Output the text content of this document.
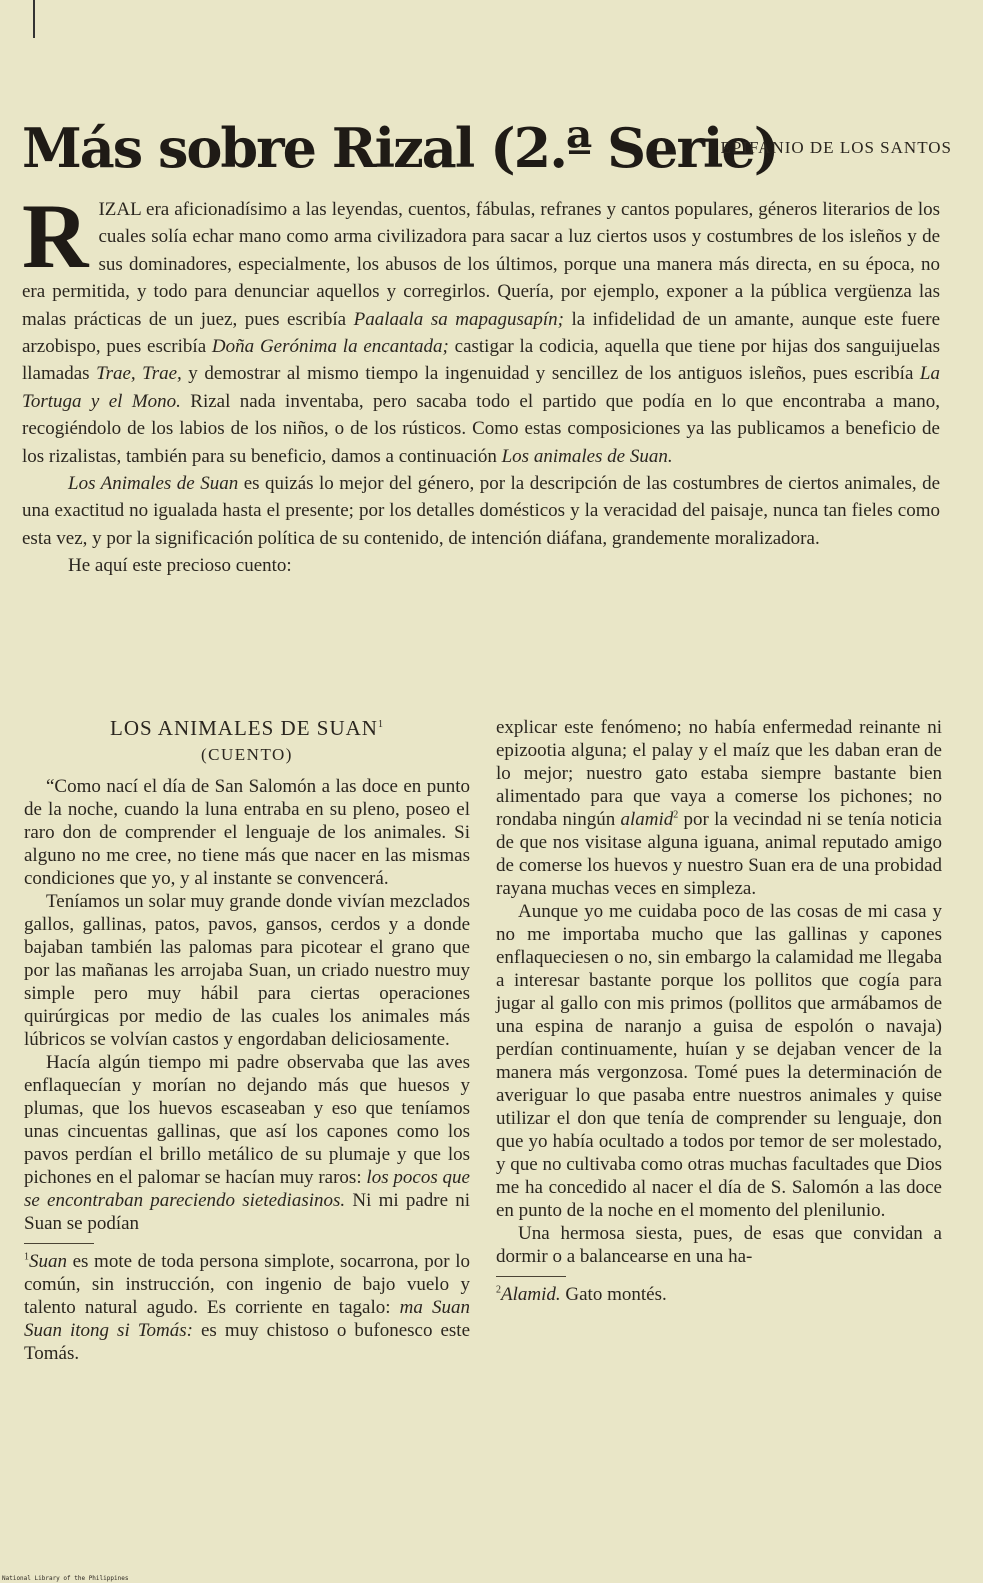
Más sobre Rizal (2.ª Serie)
EPIFANIO DE LOS SANTOS

RIZAL era aficionadísimo a las leyendas, cuentos, fábulas, refranes y cantos populares, géneros literarios de los cuales solía echar mano como arma civilizadora para sacar a luz ciertos usos y costumbres de los isleños y de sus dominadores, especialmente, los abusos de los últimos, porque una manera más directa, en su época, no era permitida, y todo para denunciar aquellos y corregirlos. Quería, por ejemplo, exponer a la pública vergüenza las malas prácticas de un juez, pues escribía Paalaala sa mapagusapín; la infidelidad de un amante, aunque este fuere arzobispo, pues escribía Doña Gerónima la encantada; castigar la codicia, aquella que tiene por hijas dos sanguijuelas llamadas Trae, Trae, y demostrar al mismo tiempo la ingenuidad y sencillez de los antiguos isleños, pues escribía La Tortuga y el Mono. Rizal nada inventaba, pero sacaba todo el partido que podía en lo que encontraba a mano, recogiéndolo de los labios de los niños, o de los rústicos. Como estas composiciones ya las publicamos a beneficio de los rizalistas, también para su beneficio, damos a continuación Los animales de Suan.

Los Animales de Suan es quizás lo mejor del género, por la descripción de las costumbres de ciertos animales, de una exactitud no igualada hasta el presente; por los detalles domésticos y la veracidad del paisaje, nunca tan fieles como esta vez, y por la significación política de su contenido, de intención diáfana, grandemente moralizadora.

He aquí este precioso cuento:

LOS ANIMALES DE SUAN$^1$
(CUENTO)

“Como nací el día de San Salomón a las doce en punto de la noche, cuando la luna entraba en su pleno, poseo el raro don de comprender el lenguaje de los animales. Si alguno no me cree, no tiene más que nacer en las mismas condiciones que yo, y al instante se convencerá.

Teníamos un solar muy grande donde vivían mezclados gallos, gallinas, patos, pavos, gansos, cerdos y a donde bajaban también las palomas para picotear el grano que por las mañanas les arrojaba Suan, un criado nuestro muy simple pero muy hábil para ciertas operaciones quirúrgicas por medio de las cuales los animales más lúbricos se volvían castos y engordaban deliciosamente.

Hacía algún tiempo mi padre observaba que las aves enflaquecían y morían no dejando más que huesos y plumas, que los huevos escaseaban y eso que teníamos unas cincuentas gallinas, que así los capones como los pavos perdían el brillo metálico de su plumaje y que los pichones en el palomar se hacían muy raros: los pocos que se encontraban pareciendo sietediasinos. Ni mi padre ni Suan se podían

$^1$Suan es mote de toda persona simplote, socarrona, por lo común, sin instrucción, con ingenio de bajo vuelo y talento natural agudo. Es corriente en tagalo: ma Suan Suan itong si Tomás: es muy chistoso o bufonesco este Tomás.

explicar este fenómeno; no había enfermedad reinante ni epizootia alguna; el palay y el maíz que les daban eran de lo mejor; nuestro gato estaba siempre bastante bien alimentado para que vaya a comerse los pichones; no rondaba ningún alamid$^2$ por la vecindad ni se tenía noticia de que nos visitase alguna iguana, animal reputado amigo de comerse los huevos y nuestro Suan era de una probidad rayana muchas veces en simpleza.

Aunque yo me cuidaba poco de las cosas de mi casa y no me importaba mucho que las gallinas y capones enflaqueciesen o no, sin embargo la calamidad me llegaba a interesar bastante porque los pollitos que cogía para jugar al gallo con mis primos (pollitos que armábamos de una espina de naranjo a guisa de espolón o navaja) perdían continuamente, huían y se dejaban vencer de la manera más vergonzosa. Tomé pues la determinación de averiguar lo que pasaba entre nuestros animales y quise utilizar el don que tenía de comprender su lenguaje, don que yo había ocultado a todos por temor de ser molestado, y que no cultivaba como otras muchas facultades que Dios me ha concedido al nacer el día de S. Salomón a las doce en punto de la noche en el momento del plenilunio.

Una hermosa siesta, pues, de esas que convidan a dormir o a balancearse en una ha-

$^2$Alamid. Gato montés.

National Library of the Philippines
